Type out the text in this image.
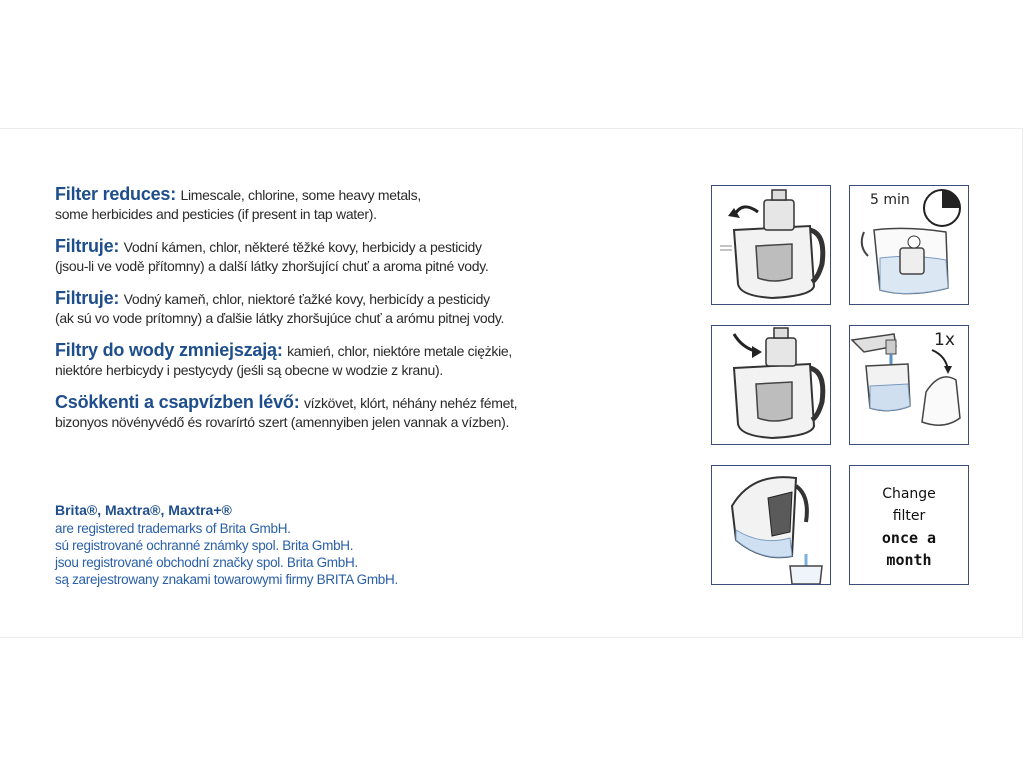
Filter reduces: Limescale, chlorine, some heavy metals,
some herbicides and pesticies (if present in tap water).

Filtruje: Vodní kámen, chlor, některé těžké kovy, herbicidy a pesticidy
(jsou-li ve vodě přítomny) a další látky zhoršující chuť a aroma pitné vody.

Filtruje: Vodný kameň, chlor, niektoré ťažké kovy, herbicídy a pesticidy
(ak sú vo vode prítomny) a ďalšie látky zhoršujúce chuť a arómu pitnej vody.

Filtry do wody zmniejszają: kamień, chlor, niektóre metale ciężkie,
niektóre herbicydy i pestycydy (jeśli są obecne w wodzie z kranu).

Csökkenti a csapvízben lévő: vízkövet, klórt, néhány nehéz fémet,
bizonyos növényvédő és rovarírtó szert (amennyiben jelen vannak a vízben).

Brita®, Maxtra®, Maxtra+®
are registered trademarks of Brita GmbH.
sú registrované ochranné známky spol. Brita GmbH.
jsou registrované obchodní značky spol. Brita GmbH.
są zarejestrowany znakami towarowymi firmy BRITA GmbH.
5 min
1x
Change
filter
once a
month
